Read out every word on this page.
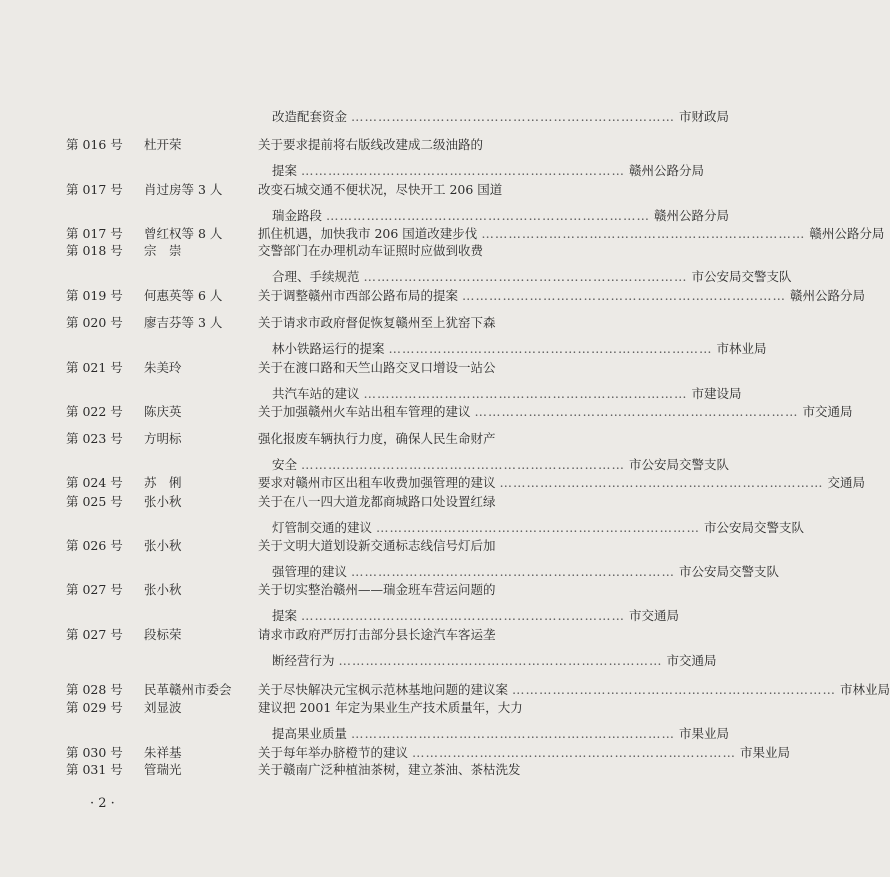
改造配套资金 ……………………………………………………………… 市财政局
第 016 号 杜开荣	关于要求提前将右版线改建成二级油路的
提案 ……………………………………………………………… 赣州公路分局
第 017 号 肖过房等 3 人	改变石城交通不便状况，尽快开工 206 国道
瑞金路段 ……………………………………………………………… 赣州公路分局
第 017 号 曾红权等 8 人	抓住机遇，加快我市 206 国道改建步伐 ……………………………………………………………… 赣州公路分局
第 018 号 宗　崇	交警部门在办理机动车证照时应做到收费
合理、手续规范 ……………………………………………………………… 市公安局交警支队
第 019 号 何惠英等 6 人	关于调整赣州市西部公路布局的提案 ……………………………………………………………… 赣州公路分局
第 020 号 廖吉芬等 3 人	关于请求市政府督促恢复赣州至上犹窑下森
林小铁路运行的提案 ……………………………………………………………… 市林业局
第 021 号 朱美玲	关于在渡口路和天竺山路交叉口增设一站公
共汽车站的建议 ……………………………………………………………… 市建设局
第 022 号 陈庆英	关于加强赣州火车站出租车管理的建议 ……………………………………………………………… 市交通局
第 023 号 方明标	强化报废车辆执行力度，确保人民生命财产
安全 ……………………………………………………………… 市公安局交警支队
第 024 号 苏　俐	要求对赣州市区出租车收费加强管理的建议 ……………………………………………………………… 交通局
第 025 号 张小秋	关于在八一四大道龙都商城路口处设置红绿
灯管制交通的建议 ……………………………………………………………… 市公安局交警支队
第 026 号 张小秋	关于文明大道划设新交通标志线信号灯后加
强管理的建议 ……………………………………………………………… 市公安局交警支队
第 027 号 张小秋	关于切实整治赣州——瑞金班车营运问题的
提案 ……………………………………………………………… 市交通局
第 027 号 段标荣	请求市政府严厉打击部分县长途汽车客运垄
断经营行为 ……………………………………………………………… 市交通局
第 028 号 民革赣州市委会 关于尽快解决元宝枫示范林基地问题的建议案 ……………………………………………………………… 市林业局
第 029 号 刘显波	建议把 2001 年定为果业生产技术质量年，大力
提高果业质量 ……………………………………………………………… 市果业局
第 030 号 朱祥基	关于每年举办脐橙节的建议 ……………………………………………………………… 市果业局
第 031 号 管瑞光	关于赣南广泛种植油茶树，建立茶油、茶枯洗发
· 2 ·
